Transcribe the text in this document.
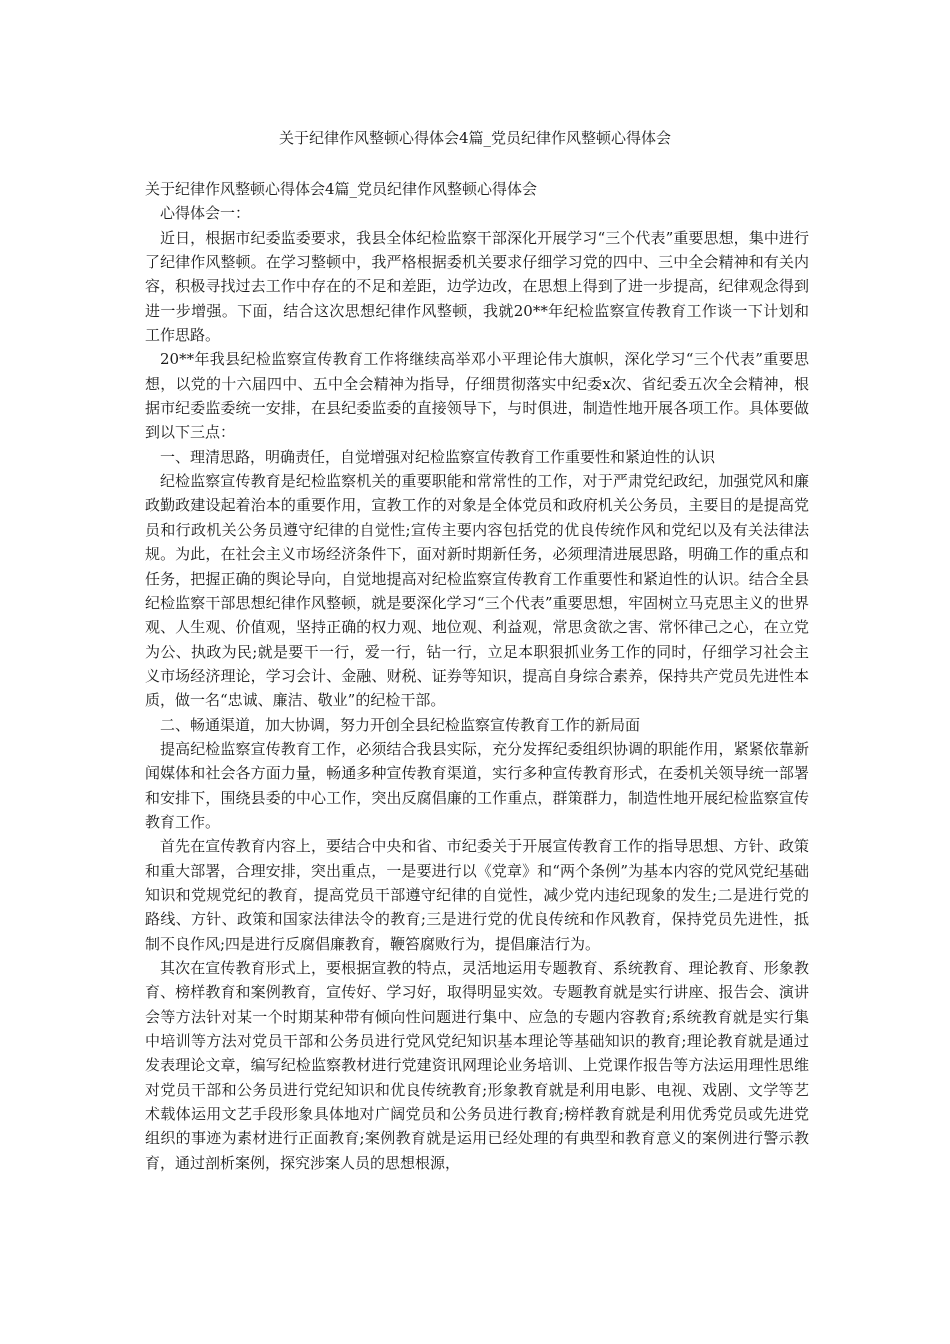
关于纪律作风整顿心得体会4篇_党员纪律作风整顿心得体会

关于纪律作风整顿心得体会4篇_党员纪律作风整顿心得体会

心得体会一：

近日，根据市纪委监委要求，我县全体纪检监察干部深化开展学习“三个代表”重要思想，集中进行了纪律作风整顿。在学习整顿中，我严格根据委机关要求仔细学习党的四中、三中全会精神和有关内容，积极寻找过去工作中存在的不足和差距，边学边改，在思想上得到了进一步提高，纪律观念得到进一步增强。下面，结合这次思想纪律作风整顿，我就20**年纪检监察宣传教育工作谈一下计划和工作思路。

20**年我县纪检监察宣传教育工作将继续高举邓小平理论伟大旗帜，深化学习“三个代表”重要思想，以党的十六届四中、五中全会精神为指导，仔细贯彻落实中纪委x次、省纪委五次全会精神，根据市纪委监委统一安排，在县纪委监委的直接领导下，与时俱进，制造性地开展各项工作。具体要做到以下三点：

一、理清思路，明确责任，自觉增强对纪检监察宣传教育工作重要性和紧迫性的认识

纪检监察宣传教育是纪检监察机关的重要职能和常常性的工作，对于严肃党纪政纪，加强党风和廉政勤政建设起着治本的重要作用，宣教工作的对象是全体党员和政府机关公务员，主要目的是提高党员和行政机关公务员遵守纪律的自觉性;宣传主要内容包括党的优良传统作风和党纪以及有关法律法规。为此，在社会主义市场经济条件下，面对新时期新任务，必须理清进展思路，明确工作的重点和任务，把握正确的舆论导向，自觉地提高对纪检监察宣传教育工作重要性和紧迫性的认识。结合全县纪检监察干部思想纪律作风整顿，就是要深化学习“三个代表”重要思想，牢固树立马克思主义的世界观、人生观、价值观，坚持正确的权力观、地位观、利益观，常思贪欲之害、常怀律己之心，在立党为公、执政为民;就是要干一行，爱一行，钻一行，立足本职狠抓业务工作的同时，仔细学习社会主义市场经济理论，学习会计、金融、财税、证券等知识，提高自身综合素养，保持共产党员先进性本质，做一名“忠诚、廉洁、敬业”的纪检干部。

二、畅通渠道，加大协调，努力开创全县纪检监察宣传教育工作的新局面

提高纪检监察宣传教育工作，必须结合我县实际，充分发挥纪委组织协调的职能作用，紧紧依靠新闻媒体和社会各方面力量，畅通多种宣传教育渠道，实行多种宣传教育形式，在委机关领导统一部署和安排下，围绕县委的中心工作，突出反腐倡廉的工作重点，群策群力，制造性地开展纪检监察宣传教育工作。

首先在宣传教育内容上，要结合中央和省、市纪委关于开展宣传教育工作的指导思想、方针、政策和重大部署，合理安排，突出重点，一是要进行以《党章》和“两个条例”为基本内容的党风党纪基础知识和党规党纪的教育，提高党员干部遵守纪律的自觉性，减少党内违纪现象的发生;二是进行党的路线、方针、政策和国家法律法令的教育;三是进行党的优良传统和作风教育，保持党员先进性，抵制不良作风;四是进行反腐倡廉教育，鞭笞腐败行为，提倡廉洁行为。

其次在宣传教育形式上，要根据宣教的特点，灵活地运用专题教育、系统教育、理论教育、形象教育、榜样教育和案例教育，宣传好、学习好，取得明显实效。专题教育就是实行讲座、报告会、演讲会等方法针对某一个时期某种带有倾向性问题进行集中、应急的专题内容教育;系统教育就是实行集中培训等方法对党员干部和公务员进行党风党纪知识基本理论等基础知识的教育;理论教育就是通过发表理论文章，编写纪检监察教材进行党建资讯网理论业务培训、上党课作报告等方法运用理性思维对党员干部和公务员进行党纪知识和优良传统教育;形象教育就是利用电影、电视、戏剧、文学等艺术载体运用文艺手段形象具体地对广阔党员和公务员进行教育;榜样教育就是利用优秀党员或先进党组织的事迹为素材进行正面教育;案例教育就是运用已经处理的有典型和教育意义的案例进行警示教育，通过剖析案例，探究涉案人员的思想根源，
